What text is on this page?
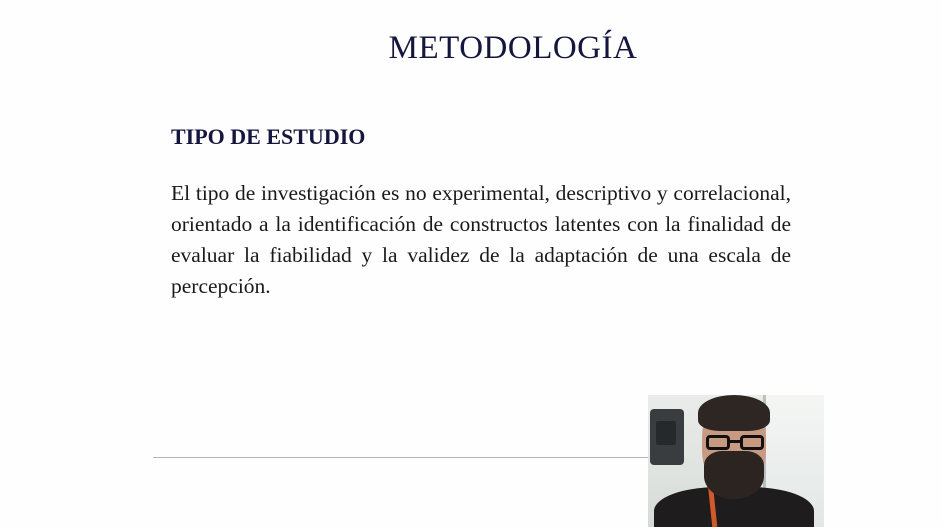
METODOLOGÍA
TIPO DE ESTUDIO
El tipo de investigación es no experimental, descriptivo y correlacional, orientado a la identificación de constructos latentes con la finalidad de evaluar la fiabilidad y la validez de la adaptación de una escala de percepción.
